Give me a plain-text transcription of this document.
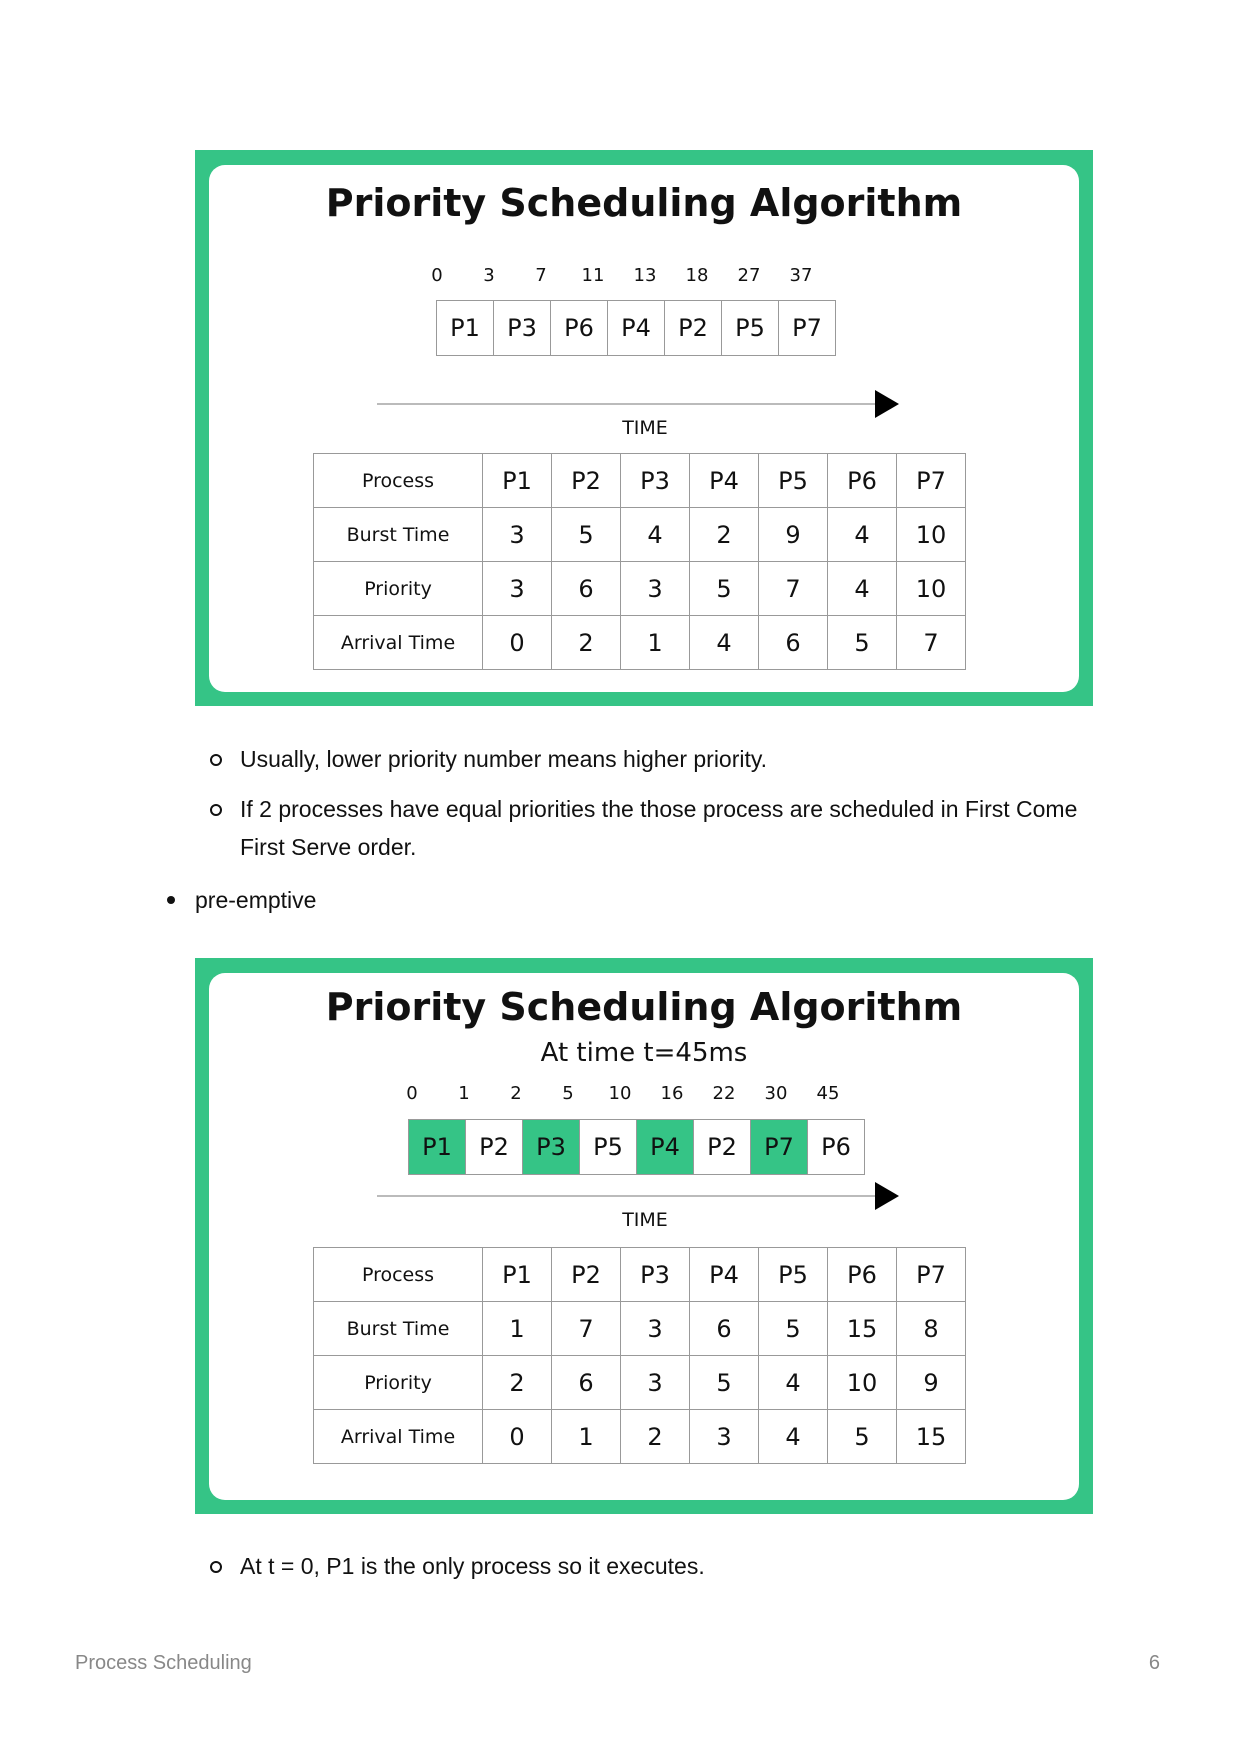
Priority Scheduling Algorithm
0 3 7 11 13 18 27 37
P1	P3	P6	P4	P2	P5	P7
TIME
Process	P1	P2	P3	P4	P5	P6	P7
Burst Time	3	5	4	2	9	4	10
Priority	3	6	3	5	7	4	10
Arrival Time	0	2	1	4	6	5	7
Usually, lower priority number means higher priority.
If 2 processes have equal priorities the those process are scheduled in First Come First Serve order.
pre-emptive
Priority Scheduling Algorithm
At time t=45ms
0 1 2 5 10 16 22 30 45
P1	P2	P3	P5	P4	P2	P7	P6
TIME
Process	P1	P2	P3	P4	P5	P6	P7
Burst Time	1	7	3	6	5	15	8
Priority	2	6	3	5	4	10	9
Arrival Time	0	1	2	3	4	5	15
At t = 0, P1 is the only process so it executes.
Process Scheduling	6
